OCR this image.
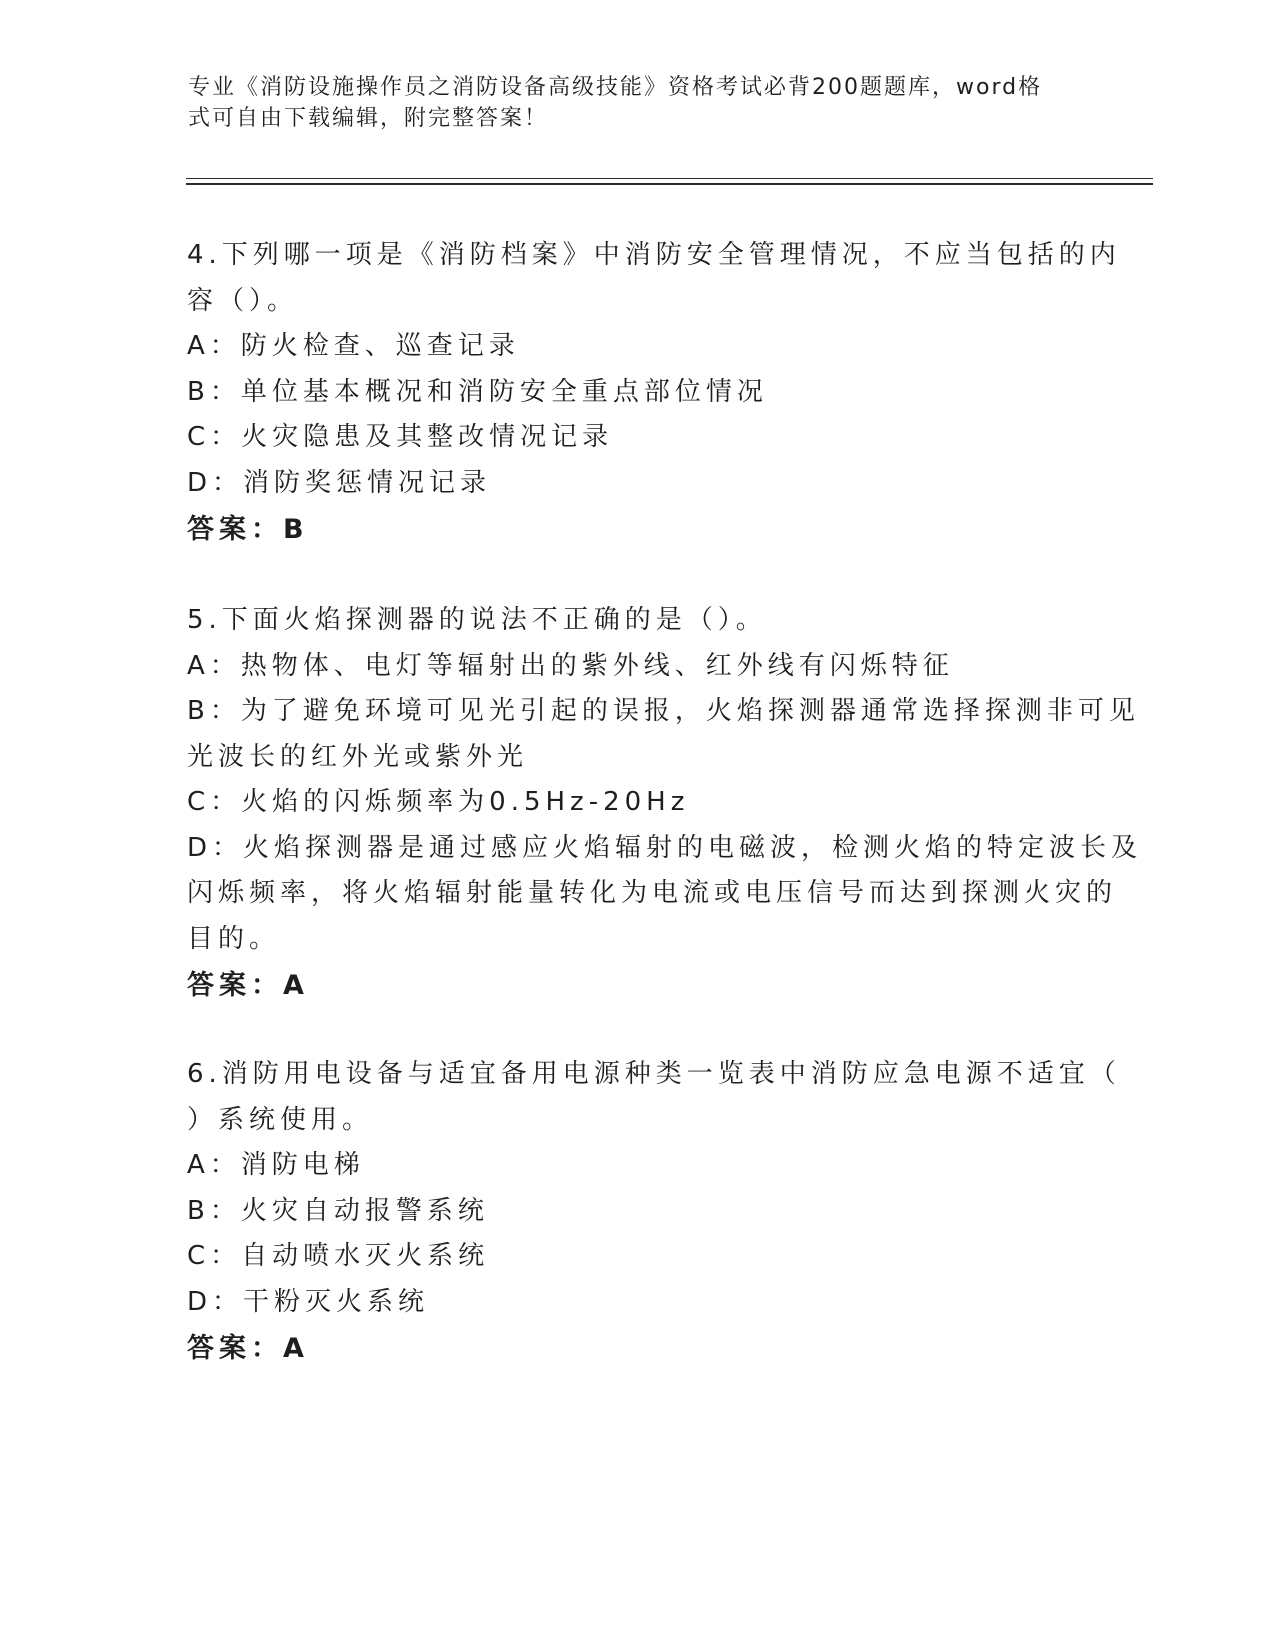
专业《消防设施操作员之消防设备高级技能》资格考试必背200题题库，word格
式可自由下载编辑，附完整答案！
4.下列哪一项是《消防档案》中消防安全管理情况，不应当包括的内
容（）。
A：防火检查、巡查记录
B：单位基本概况和消防安全重点部位情况
C：火灾隐患及其整改情况记录
D：消防奖惩情况记录
答案：B
5.下面火焰探测器的说法不正确的是（）。
A：热物体、电灯等辐射出的紫外线、红外线有闪烁特征
B：为了避免环境可见光引起的误报，火焰探测器通常选择探测非可见
光波长的红外光或紫外光
C：火焰的闪烁频率为0.5Hz-20Hz
D：火焰探测器是通过感应火焰辐射的电磁波，检测火焰的特定波长及
闪烁频率，将火焰辐射能量转化为电流或电压信号而达到探测火灾的
目的。
答案：A
6.消防用电设备与适宜备用电源种类一览表中消防应急电源不适宜（
）系统使用。
A：消防电梯
B：火灾自动报警系统
C：自动喷水灭火系统
D：干粉灭火系统
答案：A
